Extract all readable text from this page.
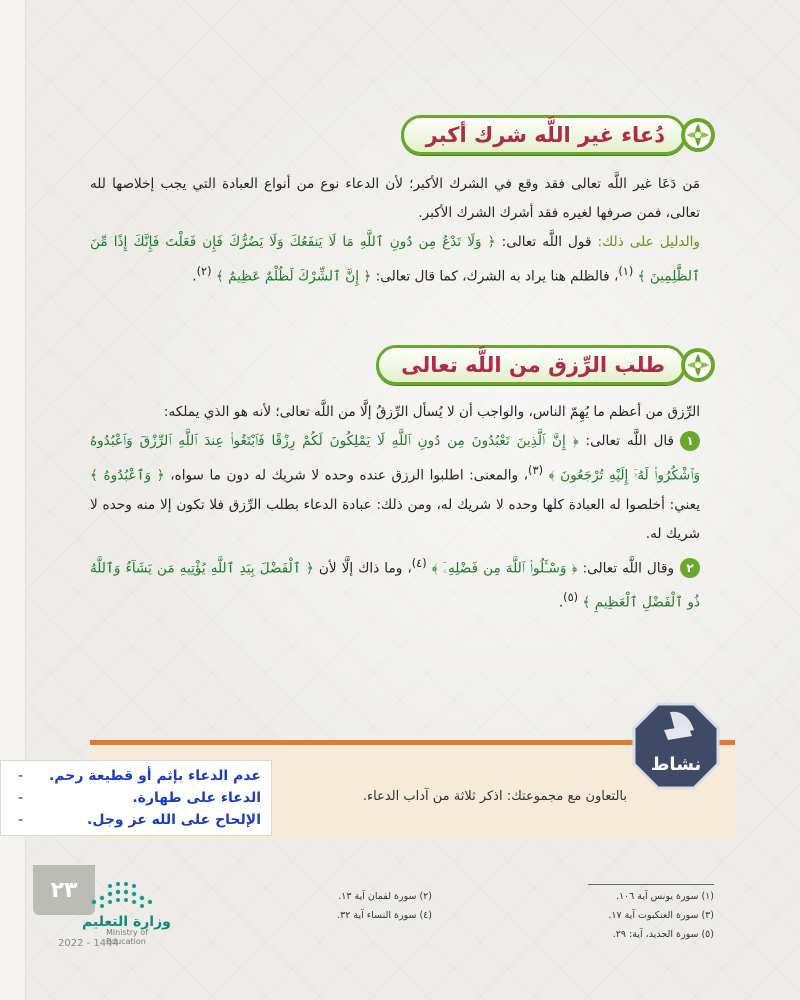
دُعاء غير اللَّه شرك أكبر

مَن دَعَا غير اللَّه تعالى فقد وقع في الشرك الأكبر؛ لأن الدعاء نوع من أنواع العبادة التي يجب إخلاصها لله تعالى، فمن صرفها لغيره فقد أشرك الشرك الأكبر.

والدليل على ذلك: قول اللَّه تعالى: ﴿ وَلَا تَدْعُ مِن دُونِ ٱللَّهِ مَا لَا يَنفَعُكَ وَلَا يَضُرُّكَ فَإِن فَعَلْتَ فَإِنَّكَ إِذًا مِّنَ ٱلظَّٰلِمِينَ ﴾ $^{(١)}$، فالظلم هنا يراد به الشرك، كما قال تعالى: ﴿ إِنَّ ٱلشِّرْكَ لَظُلْمٌ عَظِيمٌ ﴾ $^{(٢)}$.

طلب الرِّزق من اللَّه تعالى

الرِّزق من أعظم ما يُهِمّ الناس، والواجب أن لا يُسأل الرِّزقُ إلَّا من اللَّه تعالى؛ لأنه هو الذي يملكه:

١قال اللَّه تعالى: ﴿ إِنَّ ٱلَّذِينَ تَعْبُدُونَ مِن دُونِ ٱللَّهِ لَا يَمْلِكُونَ لَكُمْ رِزْقًا فَٱبْتَغُوا۟ عِندَ ٱللَّهِ ٱلرِّزْقَ وَٱعْبُدُوهُ وَٱشْكُرُوا۟ لَهُۥٓ إِلَيْهِ تُرْجَعُونَ ﴾ $^{(٣)}$، والمعنى: اطلبوا الرزق عنده وحده لا شريك له دون ما سواه، ﴿ وَٱعْبُدُوهُ ﴾ يعني: أخلصوا له العبادة كلها وحده لا شريك له، ومن ذلك: عبادة الدعاء بطلب الرِّزق فلا تكون إلا منه وحده لا شريك له.

٢وقال اللَّه تعالى: ﴿ وَسْـَٔلُوا۟ ٱللَّهَ مِن فَضْلِهِۦٓ ﴾ $^{(٤)}$، وما ذاك إلَّا لأن ﴿ ٱلْفَضْلَ بِيَدِ ٱللَّهِ يُؤْتِيهِ مَن يَشَآءُ وَٱللَّهُ ذُو ٱلْفَضْلِ ٱلْعَظِيمِ ﴾ $^{(٥)}$.

بالتعاون مع مجموعتك: اذكر ثلاثة من آداب الدعاء.
نشاط
عدم الدعاء بإثم أو قطيعة رحم.
-
الدعاء على طهارة.
-
الإلحاح على الله عز وجل.
-
٢٣
وزارة التعليم
Ministry of Education
2022 - 1444
(١) سورة يونس آية ١٠٦.
(٣) سورة العنكبوت آية ١٧.
(٥) سورة الحديد، آية: ٢٩.
(٢) سورة لقمان آية ١٣.
(٤) سورة النساء آية ٣٢.
